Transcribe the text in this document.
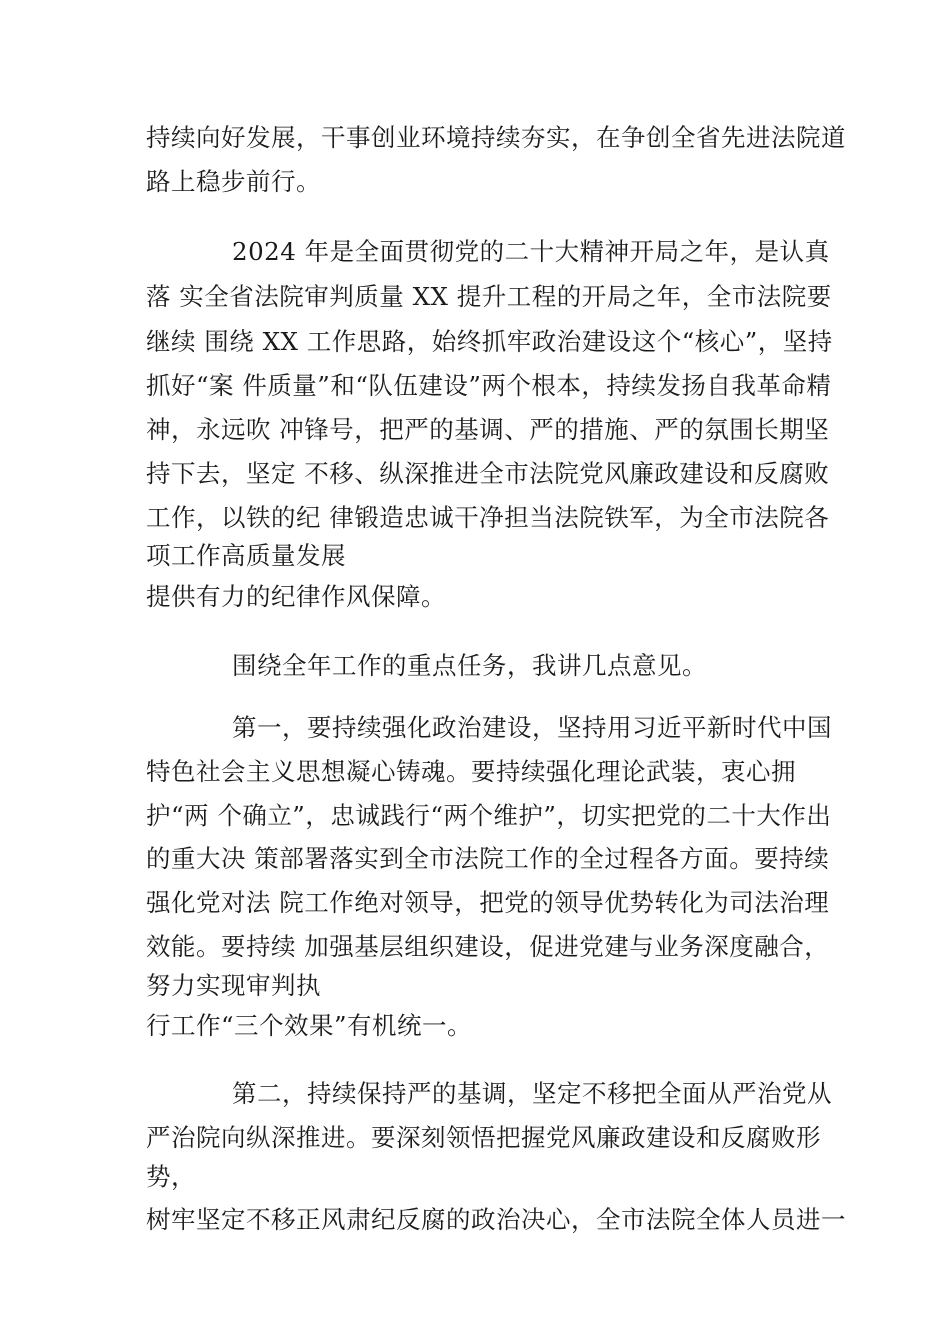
持续向好发展，干事创业环境持续夯实，在争创全省先进法院道
路上稳步前行。
2024 年是全面贯彻党的二十大精神开局之年，是认真
落 实全省法院审判质量 XX 提升工程的开局之年，全市法院要
继续 围绕 XX 工作思路，始终抓牢政治建设这个“核心”，坚持
抓好“案 件质量”和“队伍建设”两个根本，持续发扬自我革命精
神，永远吹 冲锋号，把严的基调、严的措施、严的氛围长期坚
持下去，坚定 不移、纵深推进全市法院党风廉政建设和反腐败
工作，以铁的纪 律锻造忠诚干净担当法院铁军，为全市法院各
项工作高质量发展
提供有力的纪律作风保障。
围绕全年工作的重点任务，我讲几点意见。
第一，要持续强化政治建设，坚持用习近平新时代中国
特色社会主义思想凝心铸魂。要持续强化理论武装，衷心拥
护“两 个确立”，忠诚践行“两个维护”，切实把党的二十大作出
的重大决 策部署落实到全市法院工作的全过程各方面。要持续
强化党对法 院工作绝对领导，把党的领导优势转化为司法治理
效能。要持续 加强基层组织建设，促进党建与业务深度融合，
努力实现审判执
行工作“三个效果”有机统一。
第二，持续保持严的基调，坚定不移把全面从严治党从
严治院向纵深推进。要深刻领悟把握党风廉政建设和反腐败形
势，
树牢坚定不移正风肃纪反腐的政治决心，全市法院全体人员进一
